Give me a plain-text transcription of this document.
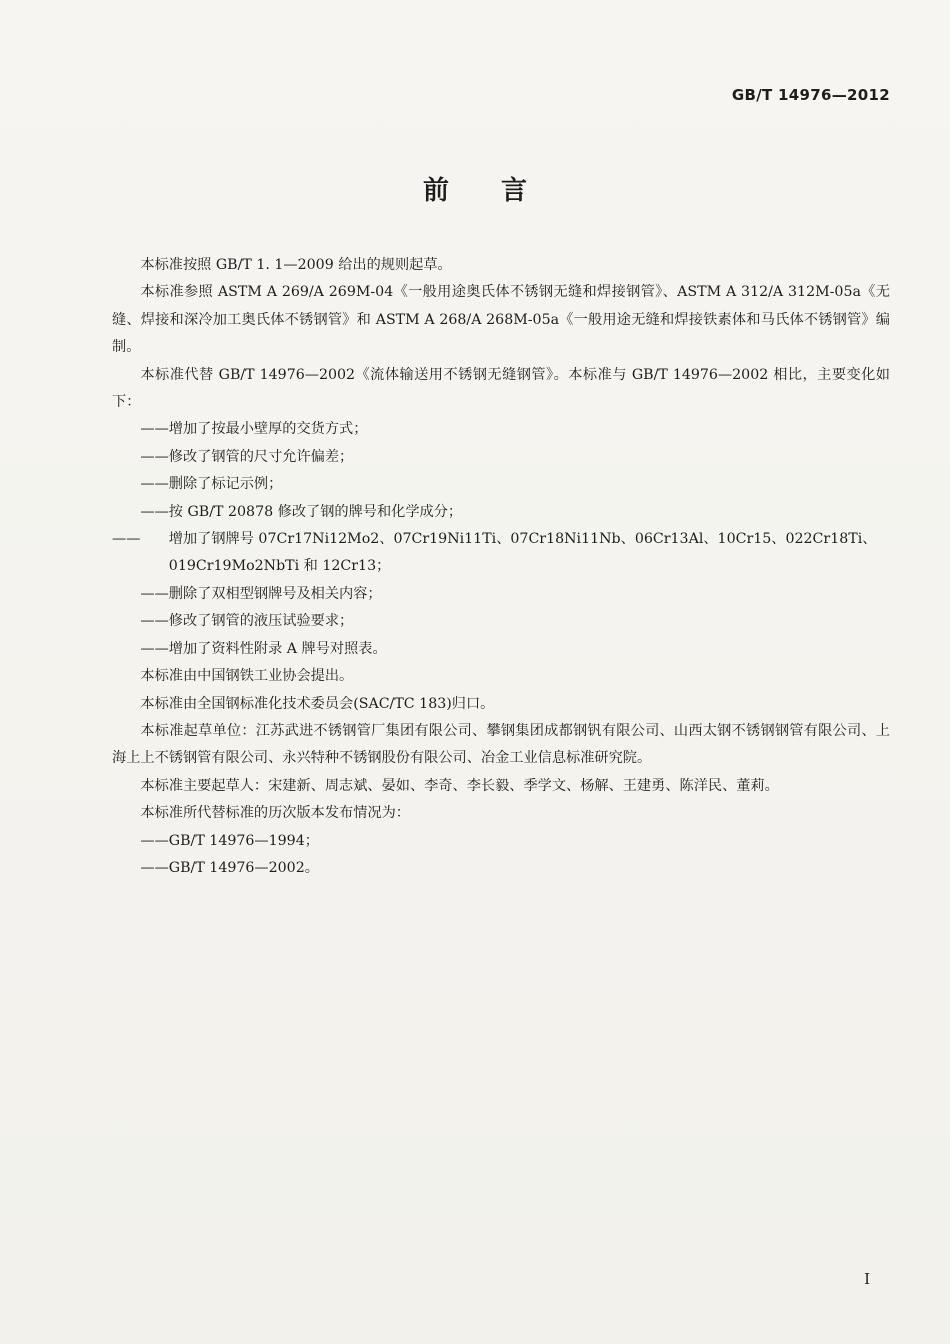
GB/T 14976—2012
前言

本标准按照 GB/T 1. 1—2009 给出的规则起草。

本标准参照 ASTM A 269/A 269M-04《一般用途奥氏体不锈钢无缝和焊接钢管》、ASTM A 312/A 312M-05a《无缝、焊接和深冷加工奥氏体不锈钢管》和 ASTM A 268/A 268M-05a《一般用途无缝和焊接铁素体和马氏体不锈钢管》编制。

本标准代替 GB/T 14976—2002《流体输送用不锈钢无缝钢管》。本标准与 GB/T 14976—2002 相比，主要变化如下：

——增加了按最小壁厚的交货方式；

——修改了钢管的尺寸允许偏差；

——删除了标记示例；

——按 GB/T 20878 修改了钢的牌号和化学成分；

—— 增加了钢牌号 07Cr17Ni12Mo2、07Cr19Ni11Ti、07Cr18Ni11Nb、06Cr13Al、10Cr15、022Cr18Ti、019Cr19Mo2NbTi 和 12Cr13；

——删除了双相型钢牌号及相关内容；

——修改了钢管的液压试验要求；

——增加了资料性附录 A 牌号对照表。

本标准由中国钢铁工业协会提出。

本标准由全国钢标准化技术委员会(SAC/TC 183)归口。

本标准起草单位：江苏武进不锈钢管厂集团有限公司、攀钢集团成都钢钒有限公司、山西太钢不锈钢钢管有限公司、上海上上不锈钢管有限公司、永兴特种不锈钢股份有限公司、冶金工业信息标准研究院。

本标准主要起草人：宋建新、周志斌、晏如、李奇、李长毅、季学文、杨解、王建勇、陈洋民、董莉。

本标准所代替标准的历次版本发布情况为：

——GB/T 14976—1994；

——GB/T 14976—2002。

I
